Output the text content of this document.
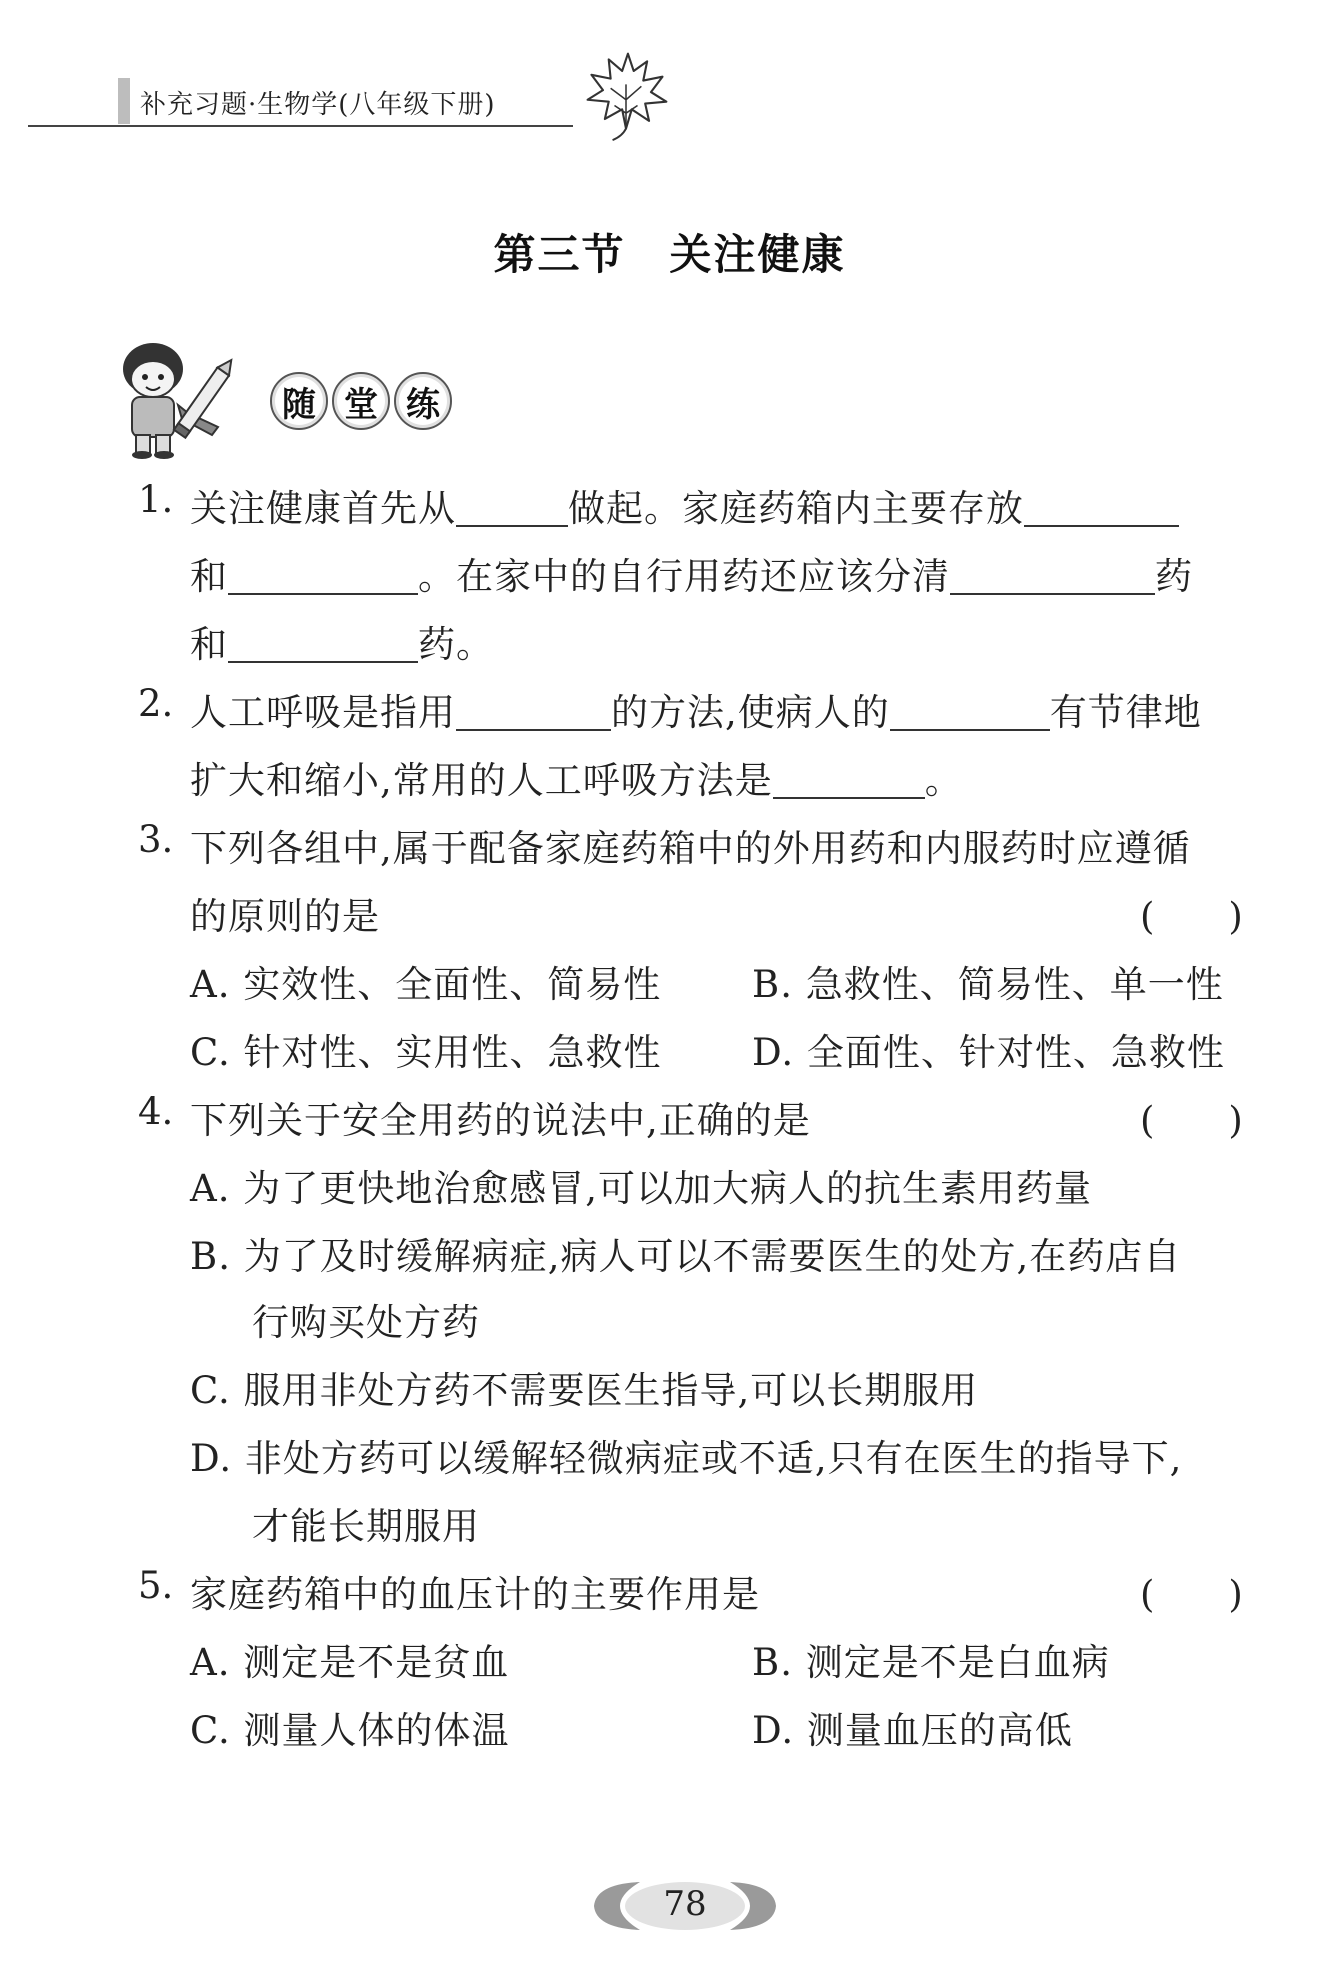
补充习题·生物学(八年级下册)
第三节　关注健康
随 堂 练
1. 关注健康首先从	做起。家庭药箱内主要存放
和	。在家中的自行用药还应该分清	药
和	药。
2. 人工呼吸是指用	的方法,使病人的	有节律地
扩大和缩小,常用的人工呼吸方法是	。
3. 下列各组中,属于配备家庭药箱中的外用药和内服药时应遵循
的原则的是	(　　)
A. 实效性、全面性、简易性 B. 急救性、简易性、单一性
C. 针对性、实用性、急救性 D. 全面性、针对性、急救性
4. 下列关于安全用药的说法中,正确的是	(　　)
A. 为了更快地治愈感冒,可以加大病人的抗生素用药量
B. 为了及时缓解病症,病人可以不需要医生的处方,在药店自
行购买处方药
C. 服用非处方药不需要医生指导,可以长期服用
D. 非处方药可以缓解轻微病症或不适,只有在医生的指导下,
才能长期服用
5. 家庭药箱中的血压计的主要作用是	(　　)
A. 测定是不是贫血	B. 测定是不是白血病
C. 测量人体的体温	D. 测量血压的高低
78
